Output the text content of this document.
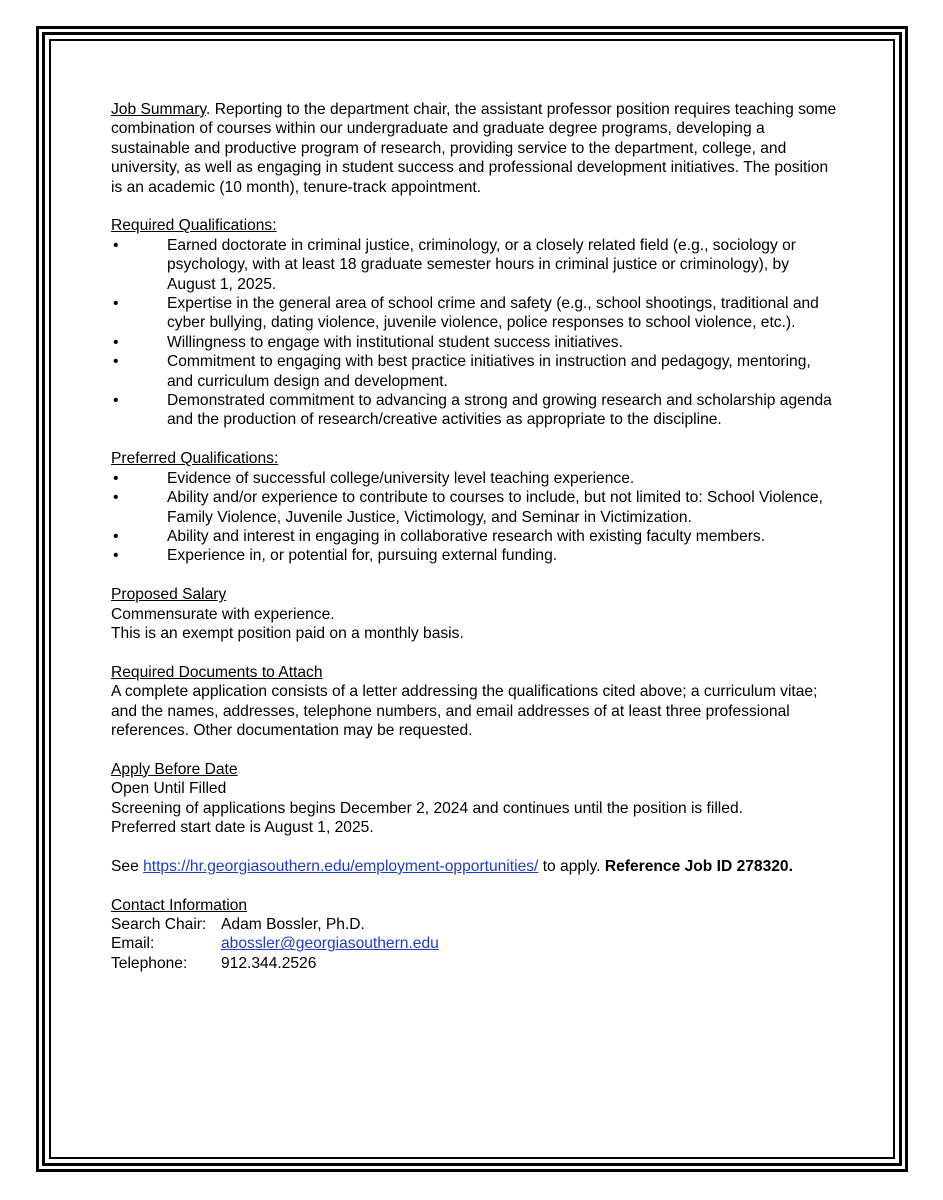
Job Summary. Reporting to the department chair, the assistant professor position requires teaching some combination of courses within our undergraduate and graduate degree programs, developing a sustainable and productive program of research, providing service to the department, college, and university, as well as engaging in student success and professional development initiatives. The position is an academic (10 month), tenure-track appointment.

Required Qualifications:

•	Earned doctorate in criminal justice, criminology, or a closely related field (e.g., sociology or psychology, with at least 18 graduate semester hours in criminal justice or criminology), by August 1, 2025.
•	Expertise in the general area of school crime and safety (e.g., school shootings, traditional and cyber bullying, dating violence, juvenile violence, police responses to school violence, etc.).
•	Willingness to engage with institutional student success initiatives.
•	Commitment to engaging with best practice initiatives in instruction and pedagogy, mentoring, and curriculum design and development.
•	Demonstrated commitment to advancing a strong and growing research and scholarship agenda and the production of research/creative activities as appropriate to the discipline.

Preferred Qualifications:

•	Evidence of successful college/university level teaching experience.
•	Ability and/or experience to contribute to courses to include, but not limited to: School Violence, Family Violence, Juvenile Justice, Victimology, and Seminar in Victimization.
•	Ability and interest in engaging in collaborative research with existing faculty members.
•	Experience in, or potential for, pursuing external funding.

Proposed Salary

Commensurate with experience.

This is an exempt position paid on a monthly basis.

Required Documents to Attach

A complete application consists of a letter addressing the qualifications cited above; a curriculum vitae; and the names, addresses, telephone numbers, and email addresses of at least three professional references. Other documentation may be requested.

Apply Before Date

Open Until Filled

Screening of applications begins December 2, 2024 and continues until the position is filled.

Preferred start date is August 1, 2025.

See https://hr.georgiasouthern.edu/employment-opportunities/ to apply. Reference Job ID 278320.

Contact Information

Search Chair: Adam Bossler, Ph.D.
Email:	abossler@georgiasouthern.edu
Telephone:	912.344.2526
